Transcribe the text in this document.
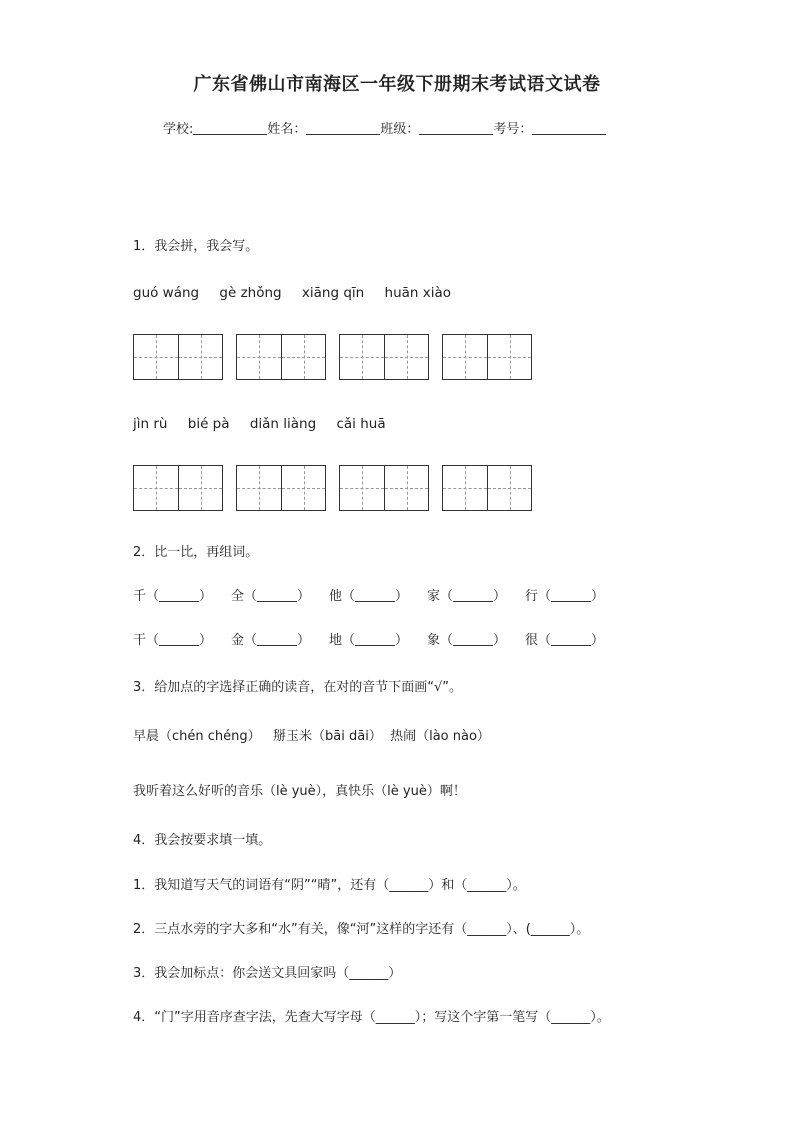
广东省佛山市南海区一年级下册期末考试语文试卷
学校:	姓名：	班级：	考号：
1．我会拼，我会写。
guó wáng gè zhǒng xiāng qīn huān xiào
jìn rù bié pà diǎn liàng cǎi huā
2．比一比，再组词。
千（	）	全（	）	他（	）	家（	）	行（	）
干（	）	金（	）	地（	）	象（	）	很（	）
3．给加点的字选择正确的读音，在对的音节下面画“√”。
早晨（chén chéng）   掰玉米（bāi dāi）  热闹（lào nào）
我听着这么好听的音乐（lè yuè），真快乐（lè yuè）啊！
4．我会按要求填一填。
1．我知道写天气的词语有“阴”“晴”，还有（______）和（______）。
2．三点水旁的字大多和“水”有关，像“河”这样的字还有（______）、(______）。
3．我会加标点：你会送文具回家吗（______）
4．“门”字用音序查字法，先查大写字母（______）；写这个字第一笔写（______）。
